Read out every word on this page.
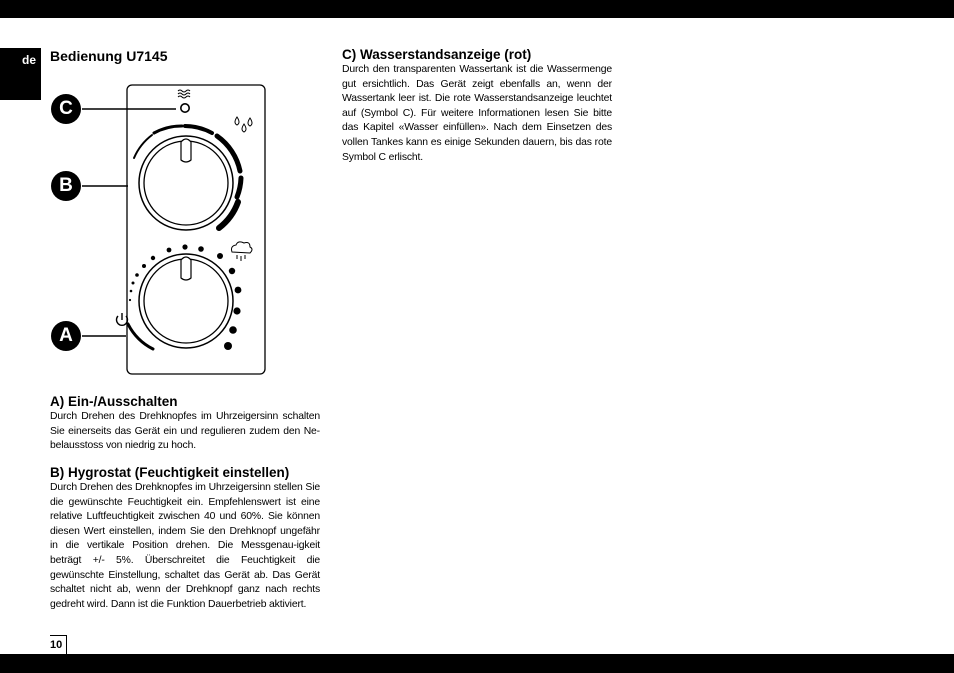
de Bedienung U7145
C
B
A
A) Ein-/Ausschalten

Durch Drehen des Drehknopfes im Uhrzeigersinn schalten Sie einerseits das Gerät ein und regulieren zudem den Ne-belausstoss von niedrig zu hoch.

B) Hygrostat (Feuchtigkeit einstellen)

Durch Drehen des Drehknopfes im Uhrzeigersinn stellen Sie die gewünschte Feuchtigkeit ein. Empfehlenswert ist eine relative Luftfeuchtigkeit zwischen 40 und 60%. Sie können diesen Wert einstellen, indem Sie den Drehknopf ungefähr in die vertikale Position drehen. Die Messgenau-igkeit beträgt +/- 5%. Überschreitet die Feuchtigkeit die gewünschte Einstellung, schaltet das Gerät ab. Das Gerät schaltet nicht ab, wenn der Drehknopf ganz nach rechts gedreht wird. Dann ist die Funktion Dauerbetrieb aktiviert.

C) Wasserstandsanzeige (rot)

Durch den transparenten Wassertank ist die Wassermenge gut ersichtlich. Das Gerät zeigt ebenfalls an, wenn der Wassertank leer ist. Die rote Wasserstandsanzeige leuchtet auf (Symbol C). Für weitere Informationen lesen Sie bitte das Kapitel «Wasser einfüllen». Nach dem Einsetzen des vollen Tankes kann es einige Sekunden dauern, bis das rote Symbol C erlischt.

10
